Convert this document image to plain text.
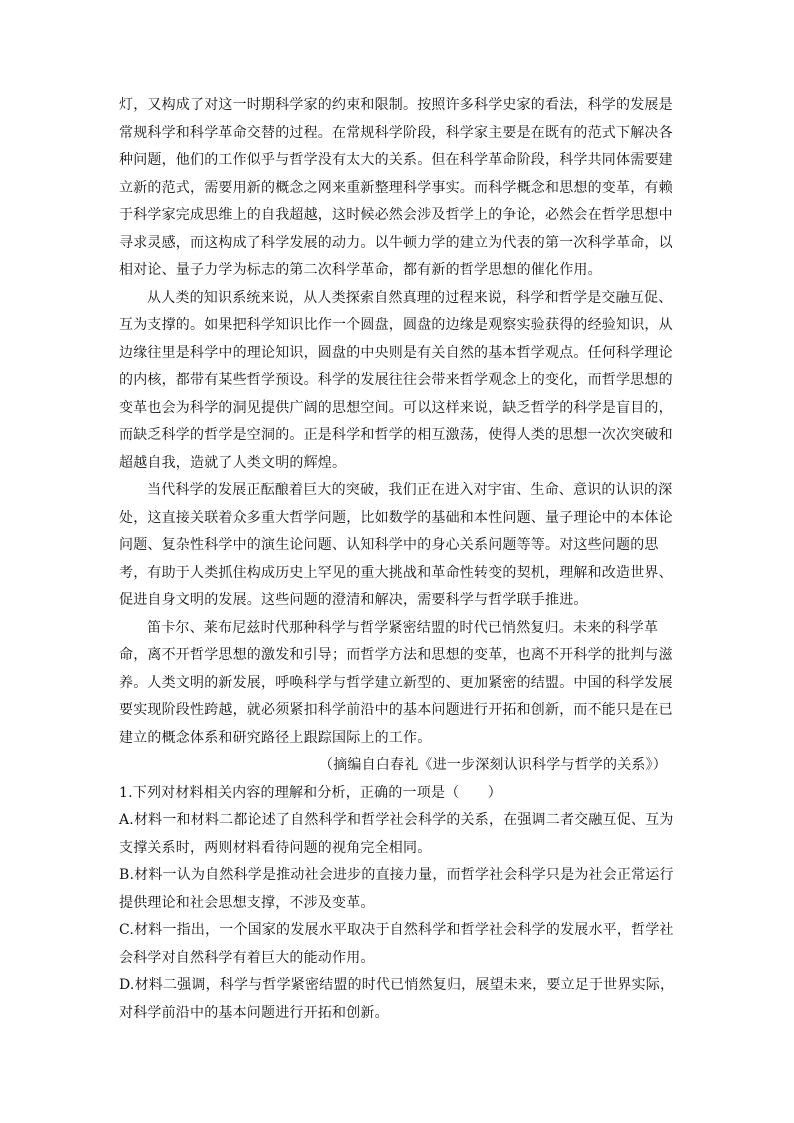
灯，又构成了对这一时期科学家的约束和限制。按照许多科学史家的看法，科学的发展是
常规科学和科学革命交替的过程。在常规科学阶段，科学家主要是在既有的范式下解决各
种问题，他们的工作似乎与哲学没有太大的关系。但在科学革命阶段，科学共同体需要建
立新的范式，需要用新的概念之网来重新整理科学事实。而科学概念和思想的变革，有赖
于科学家完成思维上的自我超越，这时候必然会涉及哲学上的争论，必然会在哲学思想中
寻求灵感，而这构成了科学发展的动力。以牛顿力学的建立为代表的第一次科学革命，以
相对论、量子力学为标志的第二次科学革命，都有新的哲学思想的催化作用。
从人类的知识系统来说，从人类探索自然真理的过程来说，科学和哲学是交融互促、
互为支撑的。如果把科学知识比作一个圆盘，圆盘的边缘是观察实验获得的经验知识，从
边缘往里是科学中的理论知识，圆盘的中央则是有关自然的基本哲学观点。任何科学理论
的内核，都带有某些哲学预设。科学的发展往往会带来哲学观念上的变化，而哲学思想的
变革也会为科学的洞见提供广阔的思想空间。可以这样来说，缺乏哲学的科学是盲目的，
而缺乏科学的哲学是空洞的。正是科学和哲学的相互激荡，使得人类的思想一次次突破和
超越自我，造就了人类文明的辉煌。
当代科学的发展正酝酿着巨大的突破，我们正在进入对宇宙、生命、意识的认识的深
处，这直接关联着众多重大哲学问题，比如数学的基础和本性问题、量子理论中的本体论
问题、复杂性科学中的演生论问题、认知科学中的身心关系问题等等。对这些问题的思
考，有助于人类抓住构成历史上罕见的重大挑战和革命性转变的契机，理解和改造世界、
促进自身文明的发展。这些问题的澄清和解决，需要科学与哲学联手推进。
笛卡尔、莱布尼兹时代那种科学与哲学紧密结盟的时代已悄然复归。未来的科学革
命，离不开哲学思想的激发和引导；而哲学方法和思想的变革，也离不开科学的批判与滋
养。人类文明的新发展，呼唤科学与哲学建立新型的、更加紧密的结盟。中国的科学发展
要实现阶段性跨越，就必须紧扣科学前沿中的基本问题进行开拓和创新，而不能只是在已
建立的概念体系和研究路径上跟踪国际上的工作。
（摘编自白春礼《进一步深刻认识科学与哲学的关系》）
1.下列对材料相关内容的理解和分析，正确的一项是（　　）
A.材料一和材料二都论述了自然科学和哲学社会科学的关系，在强调二者交融互促、互为
支撑关系时，两则材料看待问题的视角完全相同。
B.材料一认为自然科学是推动社会进步的直接力量，而哲学社会科学只是为社会正常运行
提供理论和社会思想支撑，不涉及变革。
C.材料一指出，一个国家的发展水平取决于自然科学和哲学社会科学的发展水平，哲学社
会科学对自然科学有着巨大的能动作用。
D.材料二强调，科学与哲学紧密结盟的时代已悄然复归，展望未来，要立足于世界实际，
对科学前沿中的基本问题进行开拓和创新。
